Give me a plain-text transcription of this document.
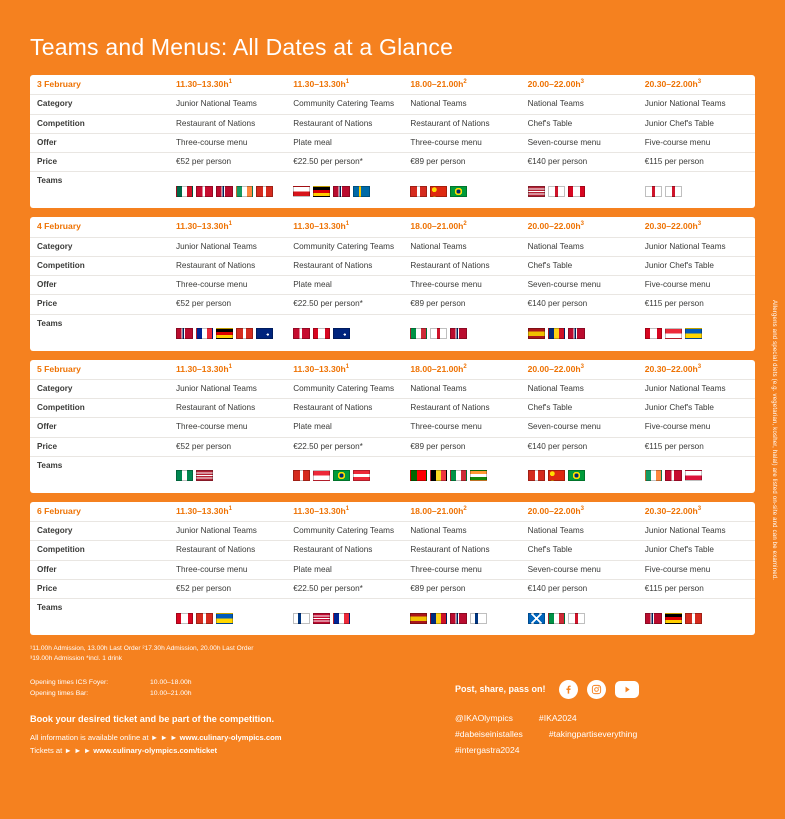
Teams and Menus: All Dates at a Glance
3 February	$11.30-13.30h^1$	$11.30-13.30h^1$	$18.00-21.00h^2$	$20.00-22.00h^3$	$20.30-22.00h^3$
Category	Junior National Teams	Community Catering Teams	National Teams	National Teams	Junior National Teams
Competition	Restaurant of Nations	Restaurant of Nations	Restaurant of Nations	Chef's Table	Junior Chef's Table
Offer	Three-course menu	Plate meal	Three-course menu	Seven-course menu	Five-course menu
Price	€52 per person	€22.50 per person*	€89 per person	€140 per person	€115 per person
Teams	

4 February	$11.30-13.30h^1$	$11.30-13.30h^1$	$18.00-21.00h^2$	$20.00-22.00h^3$	$20.30-22.00h^3$
Category	Junior National Teams	Community Catering Teams	National Teams	National Teams	Junior National Teams
Competition	Restaurant of Nations	Restaurant of Nations	Restaurant of Nations	Chef's Table	Junior Chef's Table
Offer	Three-course menu	Plate meal	Three-course menu	Seven-course menu	Five-course menu
Price	€52 per person	€22.50 per person*	€89 per person	€140 per person	€115 per person
Teams	

5 February	$11.30-13.30h^1$	$11.30-13.30h^1$	$18.00-21.00h^2$	$20.00-22.00h^3$	$20.30-22.00h^3$
Category	Junior National Teams	Community Catering Teams	National Teams	National Teams	Junior National Teams
Competition	Restaurant of Nations	Restaurant of Nations	Restaurant of Nations	Chef's Table	Junior Chef's Table
Offer	Three-course menu	Plate meal	Three-course menu	Seven-course menu	Five-course menu
Price	€52 per person	€22.50 per person*	€89 per person	€140 per person	€115 per person
Teams	

6 February	$11.30-13.30h^1$	$11.30-13.30h^1$	$18.00-21.00h^2$	$20.00-22.00h^3$	$20.30-22.00h^3$
Category	Junior National Teams	Community Catering Teams	National Teams	National Teams	Junior National Teams
Competition	Restaurant of Nations	Restaurant of Nations	Restaurant of Nations	Chef's Table	Junior Chef's Table
Offer	Three-course menu	Plate meal	Three-course menu	Seven-course menu	Five-course menu
Price	€52 per person	€22.50 per person*	€89 per person	€140 per person	€115 per person
Teams	

¹11.00h Admission, 13.00h Last Order ²17.30h Admission, 20.00h Last Order
³19.00h Admission *incl. 1 drink
Opening times ICS Foyer:	10.00–18.00h
Opening times Bar:	10.00–21.00h
Book your desired ticket and be part of the competition.
All information is available online at ► ► ► www.culinary-olympics.com
Tickets at ► ► ► www.culinary-olympics.com/ticket
Post, share, pass on!
@IKAOlympics	#IKA2024
#dabeiseinistalles	#takingpartiseverything
#intergastra2024
Allergens and special diets (e.g. vegetarian, kosher, halal) are listed on-site and can be examined.
